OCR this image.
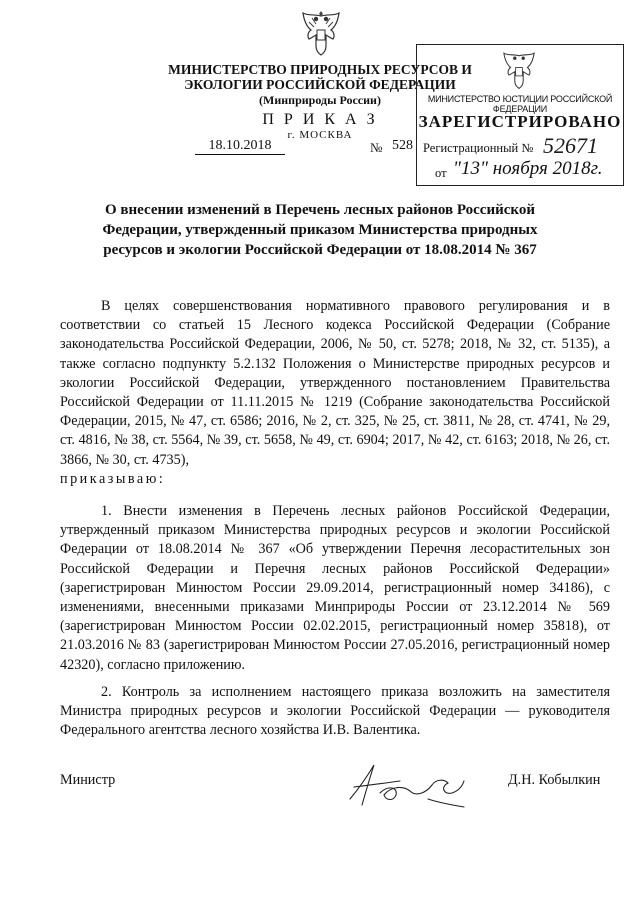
МИНИСТЕРСТВО ПРИРОДНЫХ РЕСУРСОВ И ЭКОЛОГИИ РОССИЙСКОЙ ФЕДЕРАЦИИ
(Минприроды России)
П Р И К А З
г. МОСКВА
18.10.2018	№ 528
МИНИСТЕРСТВО ЮСТИЦИИ РОССИЙСКОЙ ФЕДЕРАЦИИ
ЗАРЕГИСТРИРОВАНО
Регистрационный № 52671
от "13" ноября 2018г.
О внесении изменений в Перечень лесных районов Российской Федерации, утвержденный приказом Министерства природных ресурсов и экологии Российской Федерации от 18.08.2014 № 367
В целях совершенствования нормативного правового регулирования и в соответствии со статьей 15 Лесного кодекса Российской Федерации (Собрание законодательства Российской Федерации, 2006, № 50, ст. 5278; 2018, № 32, ст. 5135), а также согласно подпункту 5.2.132 Положения о Министерстве природных ресурсов и экологии Российской Федерации, утвержденного постановлением Правительства Российской Федерации от 11.11.2015 № 1219 (Собрание законодательства Российской Федерации, 2015, № 47, ст. 6586; 2016, № 2, ст. 325, № 25, ст. 3811, № 28, ст. 4741, № 29, ст. 4816, № 38, ст. 5564, № 39, ст. 5658, № 49, ст. 6904; 2017, № 42, ст. 6163; 2018, № 26, ст. 3866, № 30, ст. 4735),
приказываю:
1. Внести изменения в Перечень лесных районов Российской Федерации, утвержденный приказом Министерства природных ресурсов и экологии Российской Федерации от 18.08.2014 № 367 «Об утверждении Перечня лесорастительных зон Российской Федерации и Перечня лесных районов Российской Федерации» (зарегистрирован Минюстом России 29.09.2014, регистрационный номер 34186), с изменениями, внесенными приказами Минприроды России от 23.12.2014 № 569 (зарегистрирован Минюстом России 02.02.2015, регистрационный номер 35818), от 21.03.2016 № 83 (зарегистрирован Минюстом России 27.05.2016, регистрационный номер 42320), согласно приложению.
2. Контроль за исполнением настоящего приказа возложить на заместителя Министра природных ресурсов и экологии Российской Федерации — руководителя Федерального агентства лесного хозяйства И.В. Валентика.
Министр	Д.Н. Кобылкин
